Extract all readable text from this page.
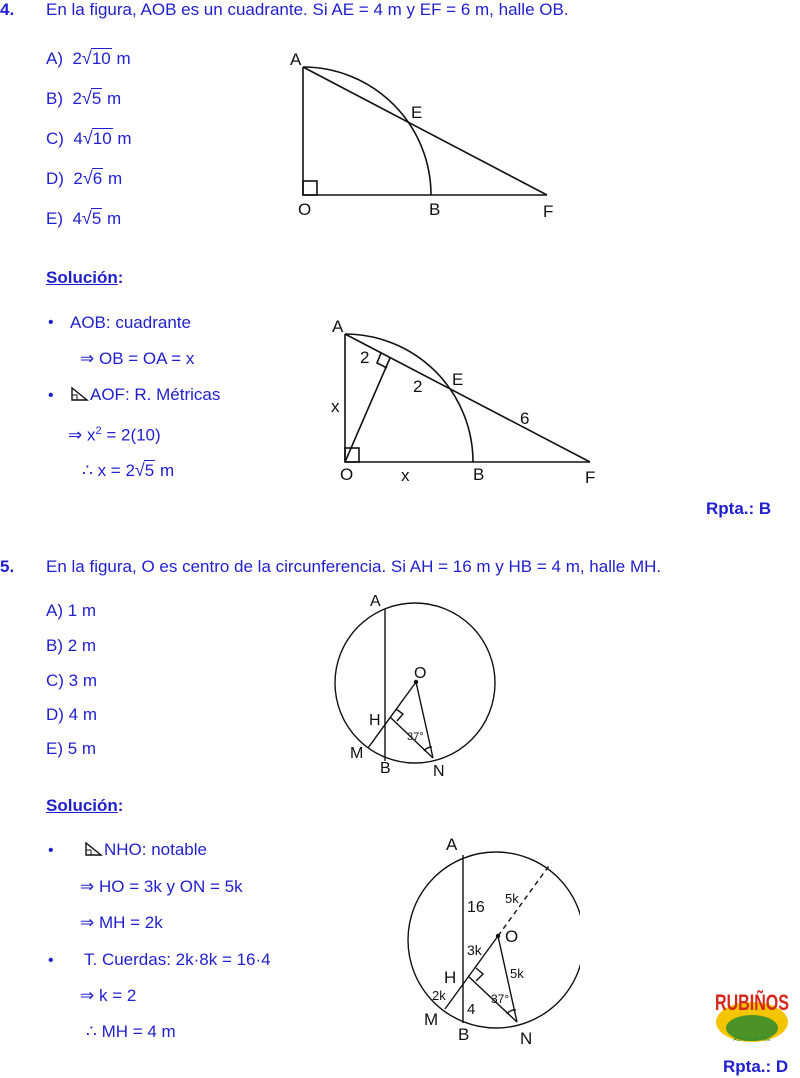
4. En la figura, AOB es un cuadrante. Si AE = 4 m y EF = 6 m, halle OB.
A) 2√10 m
B) 2√5 m
C) 4√10 m
D) 2√6 m
E) 4√5 m
A
E
O	B	F
Solución:
• AOB: cuadrante
⇒ OB = OA = x
•	AOF: R. Métricas
⇒ $x^2 = 2(10)$
∴ x = 2√5 m
A
2
2 E
6
x
O	x	B	F
Rpta.: B
5. En la figura, O es centro de la circunferencia. Si AH = 16 m y HB = 4 m, halle MH.
A) 1 m
B) 2 m
C) 3 m
D) 4 m
E) 5 m
A
O
H
37°
M
B	N
Solución:
•	NHO: notable
⇒ HO = 3k y ON = 5k
⇒ MH = 2k
• T. Cuerdas: 2k·8k = 16·4
⇒ k = 2
∴ MH = 4 m
A
16
5k
3k
O
5k
H
2k	37°
4
M
B	N
RUBIÑOS
ACADEMIA PRE
Rpta.: D
